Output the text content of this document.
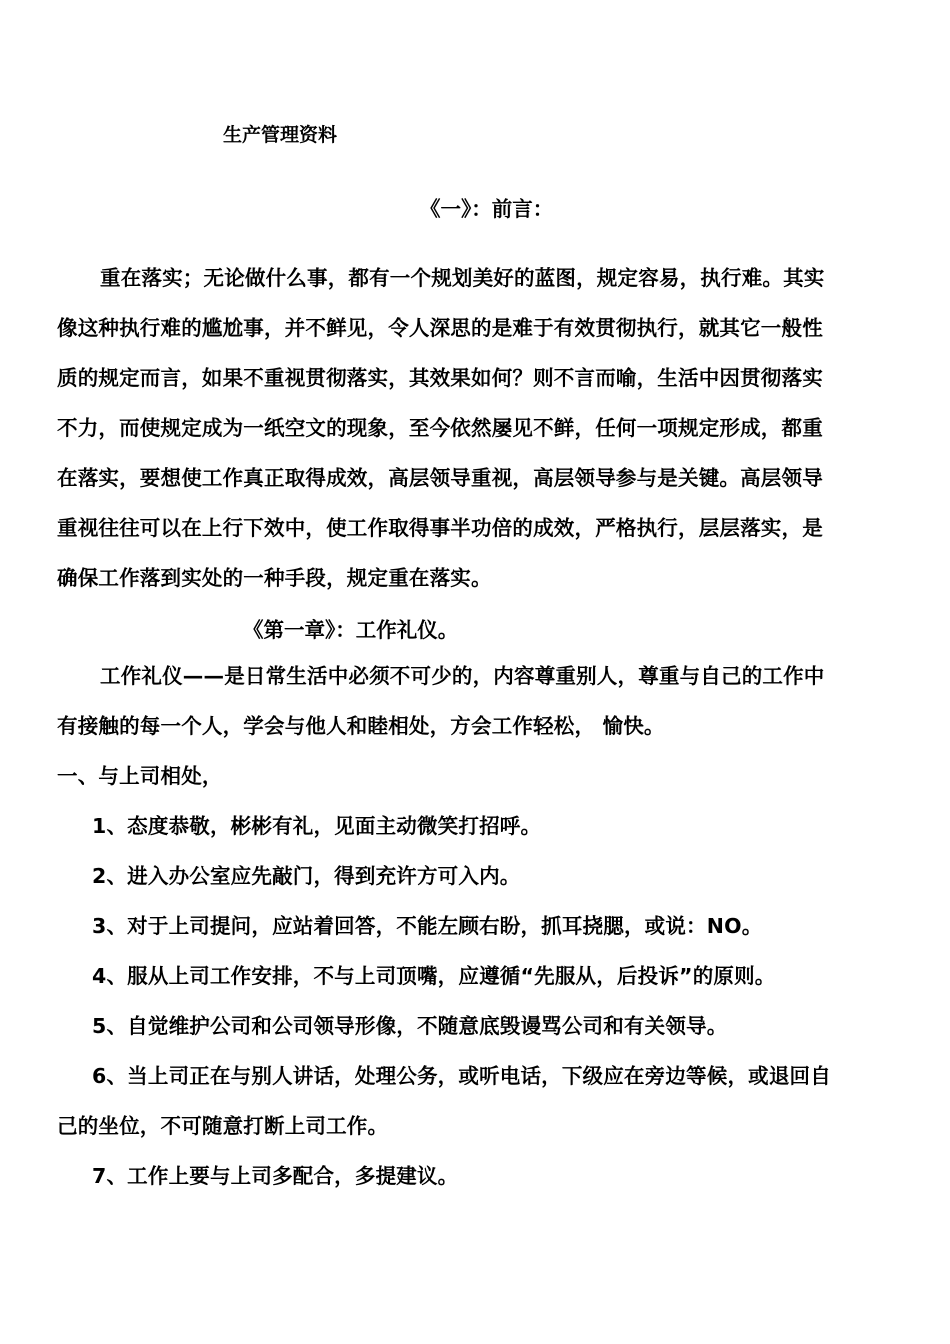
生产管理资料
《一》：前言：
重在落实；无论做什么事，都有一个规划美好的蓝图，规定容易，执行难。其实
像这种执行难的尴尬事，并不鲜见，令人深思的是难于有效贯彻执行，就其它一般性
质的规定而言，如果不重视贯彻落实，其效果如何？则不言而喻，生活中因贯彻落实
不力，而使规定成为一纸空文的现象，至今依然屡见不鲜，任何一项规定形成，都重
在落实，要想使工作真正取得成效，高层领导重视，高层领导参与是关键。高层领导
重视往往可以在上行下效中，使工作取得事半功倍的成效，严格执行，层层落实，是
确保工作落到实处的一种手段，规定重在落实。
《第一章》：工作礼仪。
工作礼仪——是日常生活中必须不可少的，内容尊重别人，尊重与自己的工作中
有接触的每一个人，学会与他人和睦相处，方会工作轻松， 愉快。
一、与上司相处，
1、态度恭敬，彬彬有礼，见面主动微笑打招呼。
2、进入办公室应先敲门，得到充许方可入内。
3、对于上司提问，应站着回答，不能左顾右盼，抓耳挠腮，或说：NO。
4、服从上司工作安排，不与上司顶嘴，应遵循“先服从，后投诉”的原则。
5、自觉维护公司和公司领导形像，不随意底毁谩骂公司和有关领导。
6、当上司正在与别人讲话，处理公务，或听电话，下级应在旁边等候，或退回自
己的坐位，不可随意打断上司工作。
7、工作上要与上司多配合，多提建议。
